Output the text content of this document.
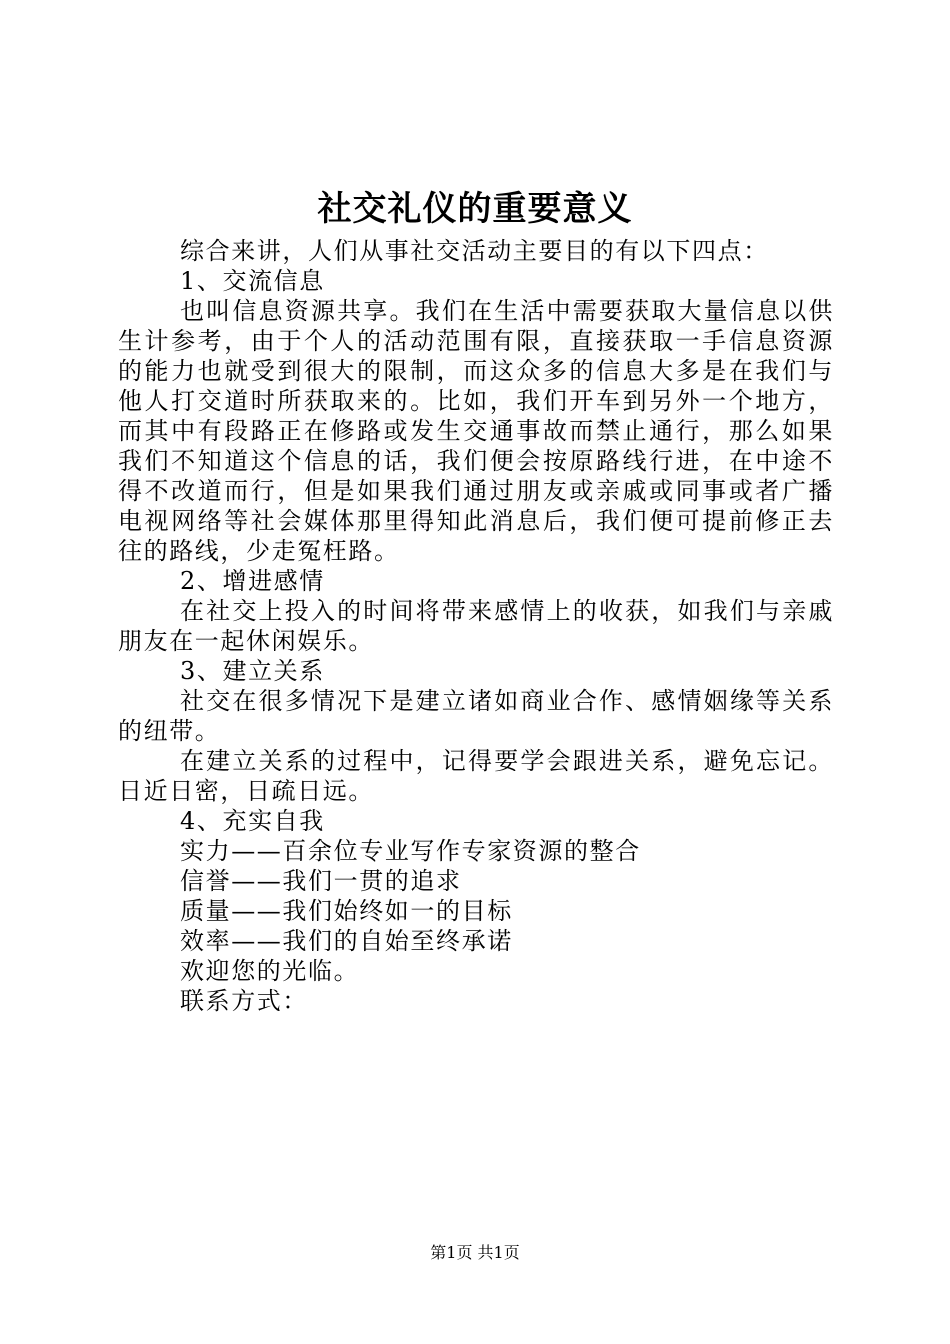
社交礼仪的重要意义

综合来讲，人们从事社交活动主要目的有以下四点：

1、交流信息

也叫信息资源共享。我们在生活中需要获取大量信息以供生计参考，由于个人的活动范围有限，直接获取一手信息资源的能力也就受到很大的限制，而这众多的信息大多是在我们与他人打交道时所获取来的。比如，我们开车到另外一个地方，而其中有段路正在修路或发生交通事故而禁止通行，那么如果我们不知道这个信息的话，我们便会按原路线行进，在中途不得不改道而行，但是如果我们通过朋友或亲戚或同事或者广播电视网络等社会媒体那里得知此消息后，我们便可提前修正去往的路线，少走冤枉路。

2、增进感情

在社交上投入的时间将带来感情上的收获，如我们与亲戚朋友在一起休闲娱乐。

3、建立关系

社交在很多情况下是建立诸如商业合作、感情姻缘等关系的纽带。

在建立关系的过程中，记得要学会跟进关系，避免忘记。日近日密，日疏日远。

4、充实自我

实力——百余位专业写作专家资源的整合

信誉——我们一贯的追求

质量——我们始终如一的目标

效率——我们的自始至终承诺

欢迎您的光临。

联系方式：

第1页 共1页
